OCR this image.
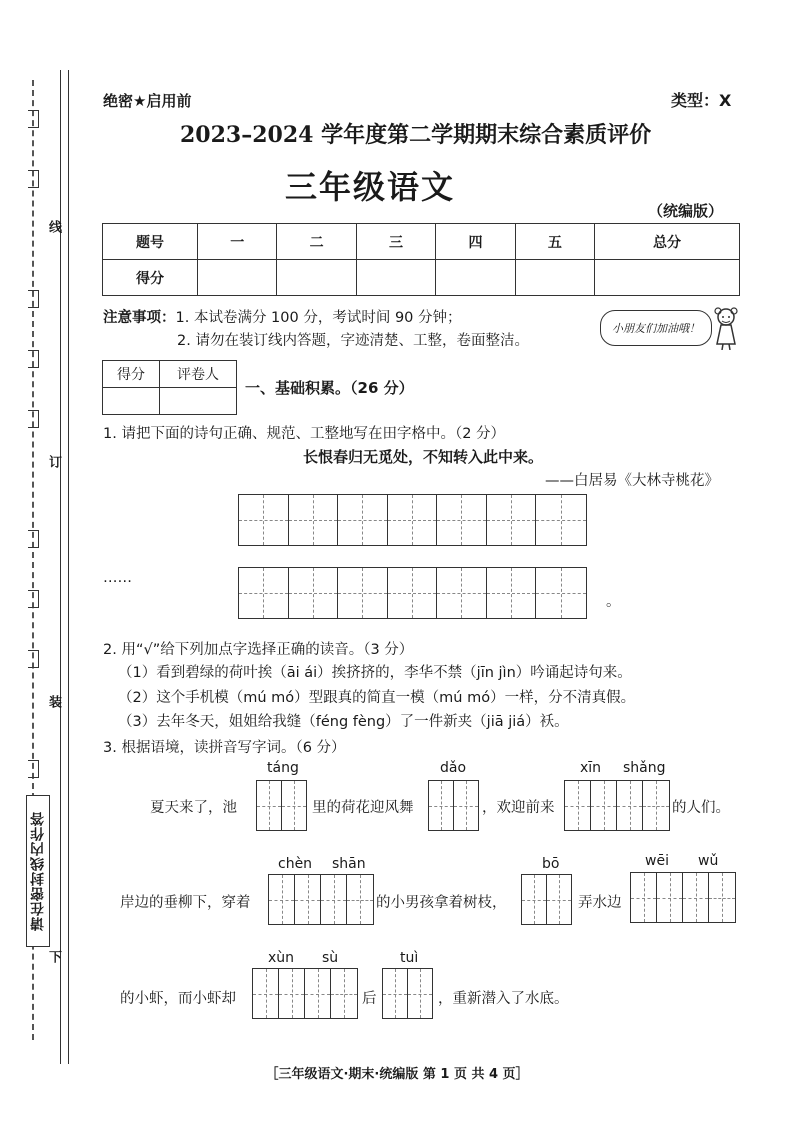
线
订
装
请在密封线内作答
下
绝密★启用前	类型：X
2023–2024 学年度第二学期期末综合素质评价
三年级语文
（统编版）
题号	一	二	三	四	五	总分
得分						
注意事项：1. 本试卷满分 100 分，考试时间 90 分钟；
2. 请勿在装订线内答题，字迹清楚、工整，卷面整洁。
小朋友们加油哦！
得分	评卷人

一、基础积累。（26 分）
1. 请把下面的诗句正确、规范、工整地写在田字格中。（2 分）
长恨春归无觅处，不知转入此中来。
——白居易《大林寺桃花》
……
。
2. 用“√”给下列加点字选择正确的读音。（3 分）
（1）看到碧绿的荷叶挨（āi ái）挨挤挤的，李华不禁（jīn jìn）吟诵起诗句来。
（2）这个手机模（mú mó）型跟真的简直一模（mú mó）一样，分不清真假。
（3）去年冬天，姐姐给我缝（féng fèng）了一件新夹（jiā jiá）袄。
3. 根据语境，读拼音写字词。（6 分）
táng	dǎo	xīn shǎng
夏天来了，池	里的荷花迎风舞	，欢迎前来	的人们。
chèn shān	bō	wēi wǔ
岸边的垂柳下，穿着	的小男孩拿着树枝，	弄水边
xùn sù	tuì
的小虾，而小虾却	后	，重新潜入了水底。
［三年级语文·期末·统编版 第 1 页 共 4 页］
